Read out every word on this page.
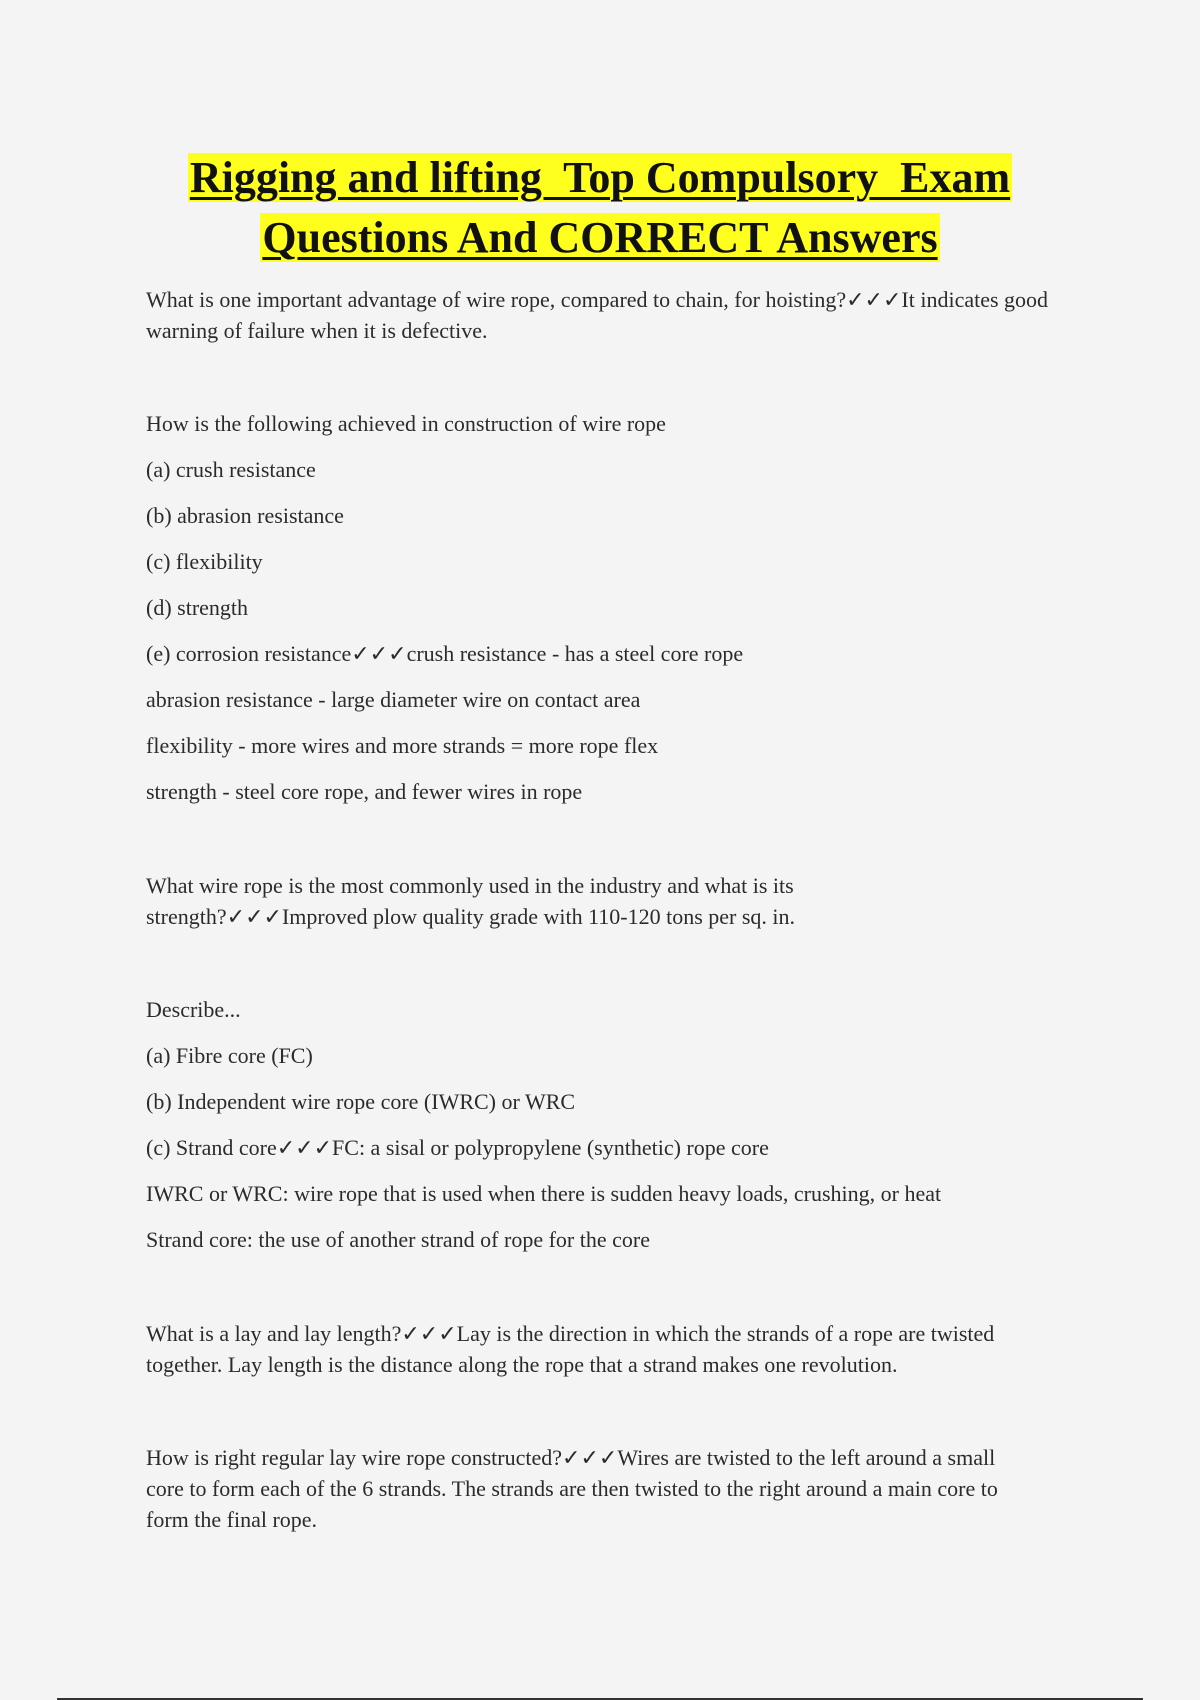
Rigging and lifting  Top Compulsory  Exam
Questions And CORRECT Answers

What is one important advantage of wire rope, compared to chain, for hoisting?✓✓✓It indicates good warning of failure when it is defective.

How is the following achieved in construction of wire rope

(a) crush resistance

(b) abrasion resistance

(c) flexibility

(d) strength

(e) corrosion resistance✓✓✓crush resistance - has a steel core rope

abrasion resistance - large diameter wire on contact area

flexibility - more wires and more strands = more rope flex

strength - steel core rope, and fewer wires in rope

What wire rope is the most commonly used in the industry and what is its strength?✓✓✓Improved plow quality grade with 110-120 tons per sq. in.

Describe...

(a) Fibre core (FC)

(b) Independent wire rope core (IWRC) or WRC

(c) Strand core✓✓✓FC: a sisal or polypropylene (synthetic) rope core

IWRC or WRC: wire rope that is used when there is sudden heavy loads, crushing, or heat

Strand core: the use of another strand of rope for the core

What is a lay and lay length?✓✓✓Lay is the direction in which the strands of a rope are twisted together. Lay length is the distance along the rope that a strand makes one revolution.

How is right regular lay wire rope constructed?✓✓✓Wires are twisted to the left around a small core to form each of the 6 strands. The strands are then twisted to the right around a main core to form the final rope.
